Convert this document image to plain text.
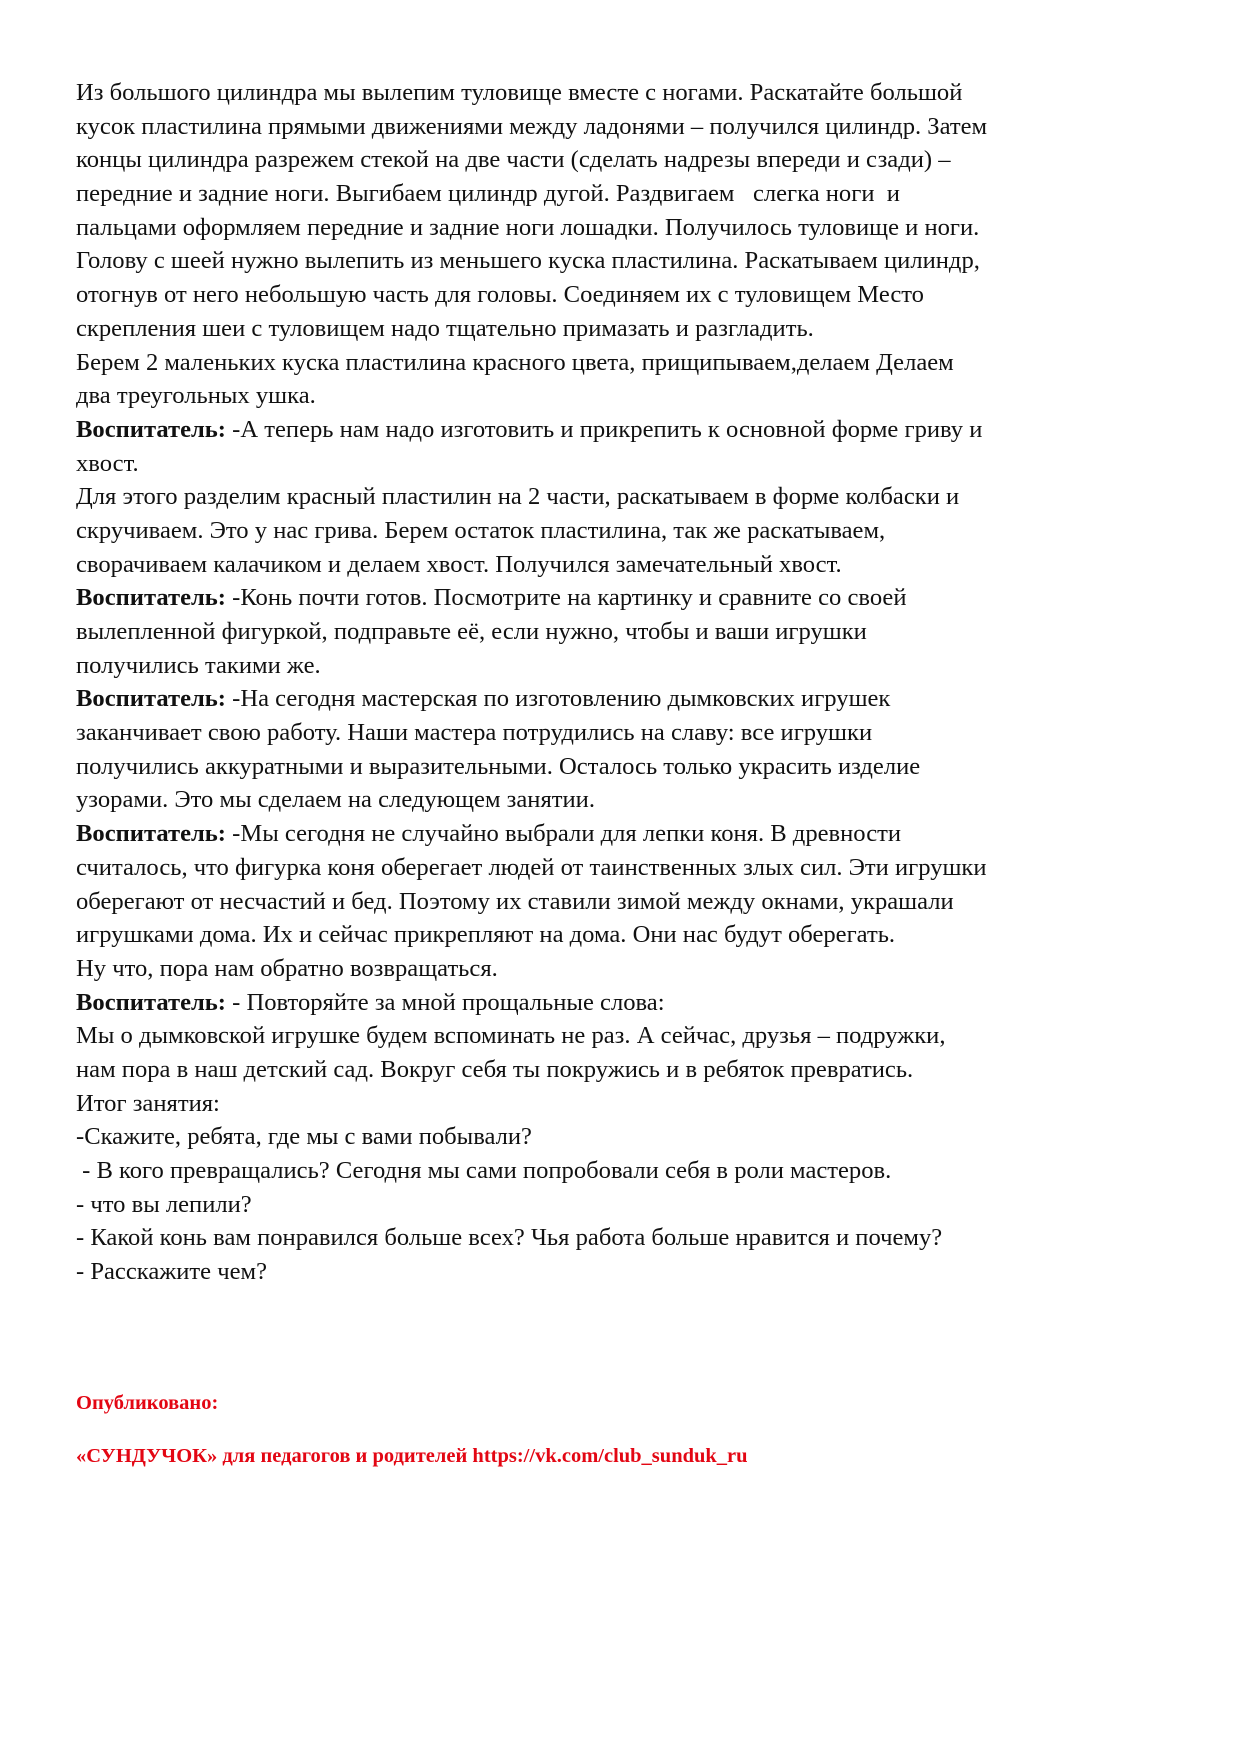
Из большого цилиндра мы вылепим туловище вместе с ногами. Раскатайте большой
кусок пластилина прямыми движениями между ладонями – получился цилиндр. Затем
концы цилиндра разрежем стекой на две части (сделать надрезы впереди и сзади) –
передние и задние ноги. Выгибаем цилиндр дугой. Раздвигаем   слегка ноги  и
пальцами оформляем передние и задние ноги лошадки. Получилось туловище и ноги.
Голову с шеей нужно вылепить из меньшего куска пластилина. Раскатываем цилиндр,
отогнув от него небольшую часть для головы. Соединяем их с туловищем Место
скрепления шеи с туловищем надо тщательно примазать и разгладить.
Берем 2 маленьких куска пластилина красного цвета, прищипываем,делаем Делаем
два треугольных ушка.
Воспитатель: -А теперь нам надо изготовить и прикрепить к основной форме гриву и
хвост.
Для этого разделим красный пластилин на 2 части, раскатываем в форме колбаски и
скручиваем. Это у нас грива. Берем остаток пластилина, так же раскатываем,
сворачиваем калачиком и делаем хвост. Получился замечательный хвост.
Воспитатель: -Конь почти готов. Посмотрите на картинку и сравните со своей
вылепленной фигуркой, подправьте её, если нужно, чтобы и ваши игрушки
получились такими же.
Воспитатель: -На сегодня мастерская по изготовлению дымковских игрушек
заканчивает свою работу. Наши мастера потрудились на славу: все игрушки
получились аккуратными и выразительными. Осталось только украсить изделие
узорами. Это мы сделаем на следующем занятии.
Воспитатель: -Мы сегодня не случайно выбрали для лепки коня. В древности
считалось, что фигурка коня оберегает людей от таинственных злых сил. Эти игрушки
оберегают от несчастий и бед. Поэтому их ставили зимой между окнами, украшали
игрушками дома. Их и сейчас прикрепляют на дома. Они нас будут оберегать.
Ну что, пора нам обратно возвращаться.
Воспитатель: - Повторяйте за мной прощальные слова:
Мы о дымковской игрушке будем вспоминать не раз. А сейчас, друзья – подружки,
нам пора в наш детский сад. Вокруг себя ты покружись и в ребяток превратись.
Итог занятия:
-Скажите, ребята, где мы с вами побывали?
- В кого превращались? Сегодня мы сами попробовали себя в роли мастеров.
- что вы лепили?
- Какой конь вам понравился больше всех? Чья работа больше нравится и почему?
- Расскажите чем?
Опубликовано:
«СУНДУЧОК» для педагогов и родителей https://vk.com/club_sunduk_ru
